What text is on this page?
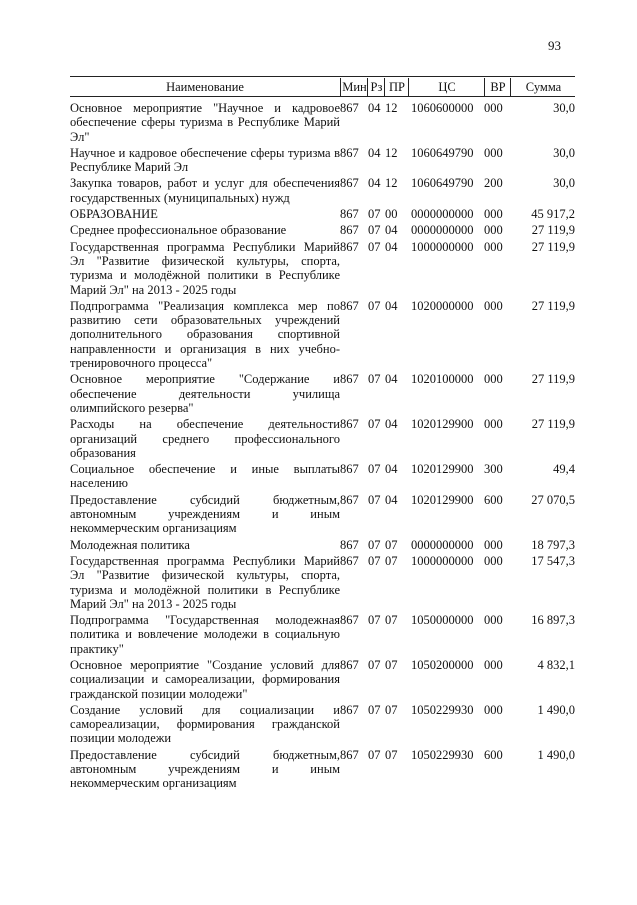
93
Наименование	Мин Рз ПР	ЦС	ВР	Сумма
Основное мероприятие "Научное и кадровое обеспечение сферы туризма в Республике Марий Эл"	867	04	12	1060600000	000	30,0
Научное и кадровое обеспечение сферы туризма в Республике Марий Эл	867	04	12	1060649790	000	30,0
Закупка товаров, работ и услуг для обеспечения государственных (муниципальных) нужд	867	04	12	1060649790	200	30,0
ОБРАЗОВАНИЕ	867	07	00	0000000000	000	45 917,2
Среднее профессиональное образование	867	07	04	0000000000	000	27 119,9
Государственная программа Республики Марий Эл "Развитие физической культуры, спорта, туризма и молодёжной политики в Республике Марий Эл" на 2013 - 2025 годы	867	07	04	1000000000	000	27 119,9
Подпрограмма "Реализация комплекса мер по развитию сети образовательных учреждений дополнительного образования спортивной направленности и организация в них учебно-тренировочного процесса"	867	07	04	1020000000	000	27 119,9
Основное мероприятие "Содержание и обеспечение деятельности училища олимпийского резерва"	867	07	04	1020100000	000	27 119,9
Расходы на обеспечение деятельности организаций среднего профессионального образования	867	07	04	1020129900	000	27 119,9
Социальное обеспечение и иные выплаты населению	867	07	04	1020129900	300	49,4
Предоставление субсидий бюджетным, автономным учреждениям и иным некоммерческим организациям	867	07	04	1020129900	600	27 070,5
Молодежная политика	867	07	07	0000000000	000	18 797,3
Государственная программа Республики Марий Эл "Развитие физической культуры, спорта, туризма и молодёжной политики в Республике Марий Эл" на 2013 - 2025 годы	867	07	07	1000000000	000	17 547,3
Подпрограмма "Государственная молодежная политика и вовлечение молодежи в социальную практику"	867	07	07	1050000000	000	16 897,3
Основное мероприятие "Создание условий для социализации и самореализации, формирования гражданской позиции молодежи"	867	07	07	1050200000	000	4 832,1
Создание условий для социализации и самореализации, формирования гражданской позиции молодежи	867	07	07	1050229930	000	1 490,0
Предоставление субсидий бюджетным, автономным учреждениям и иным некоммерческим организациям	867	07	07	1050229930	600	1 490,0
